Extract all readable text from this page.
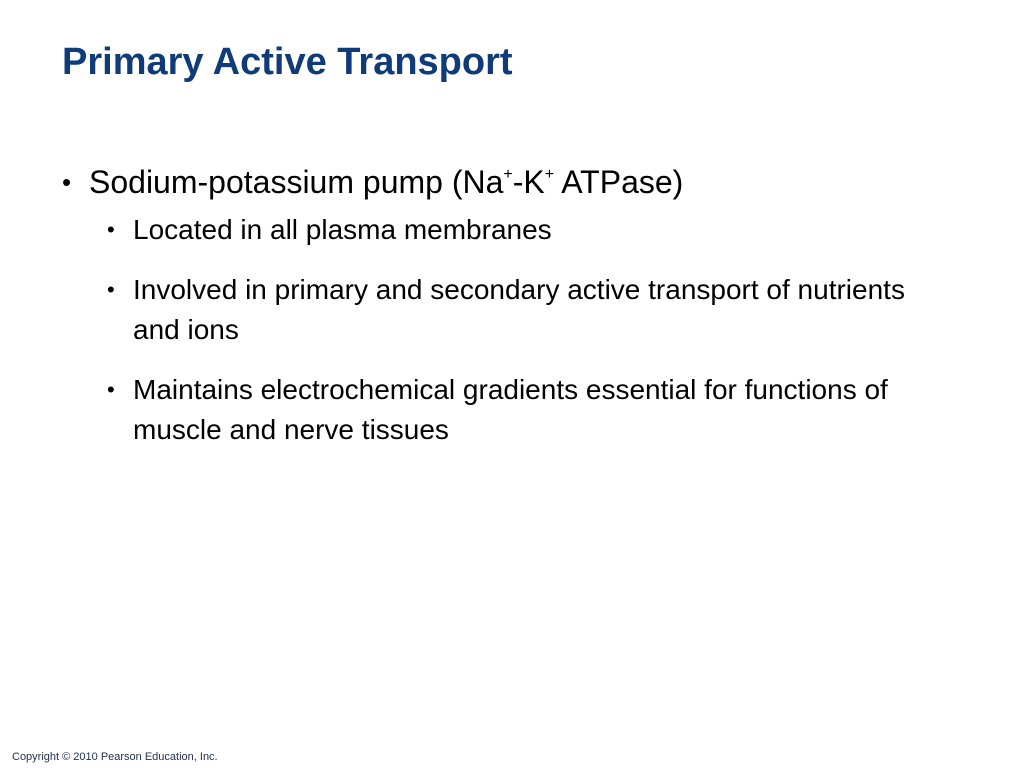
Primary Active Transport
• Sodium-potassium pump (Na+-K+ ATPase)
• Located in all plasma membranes
• Involved in primary and secondary active transport of nutrients and ions
• Maintains electrochemical gradients essential for functions of muscle and nerve tissues
Copyright © 2010 Pearson Education, Inc.
